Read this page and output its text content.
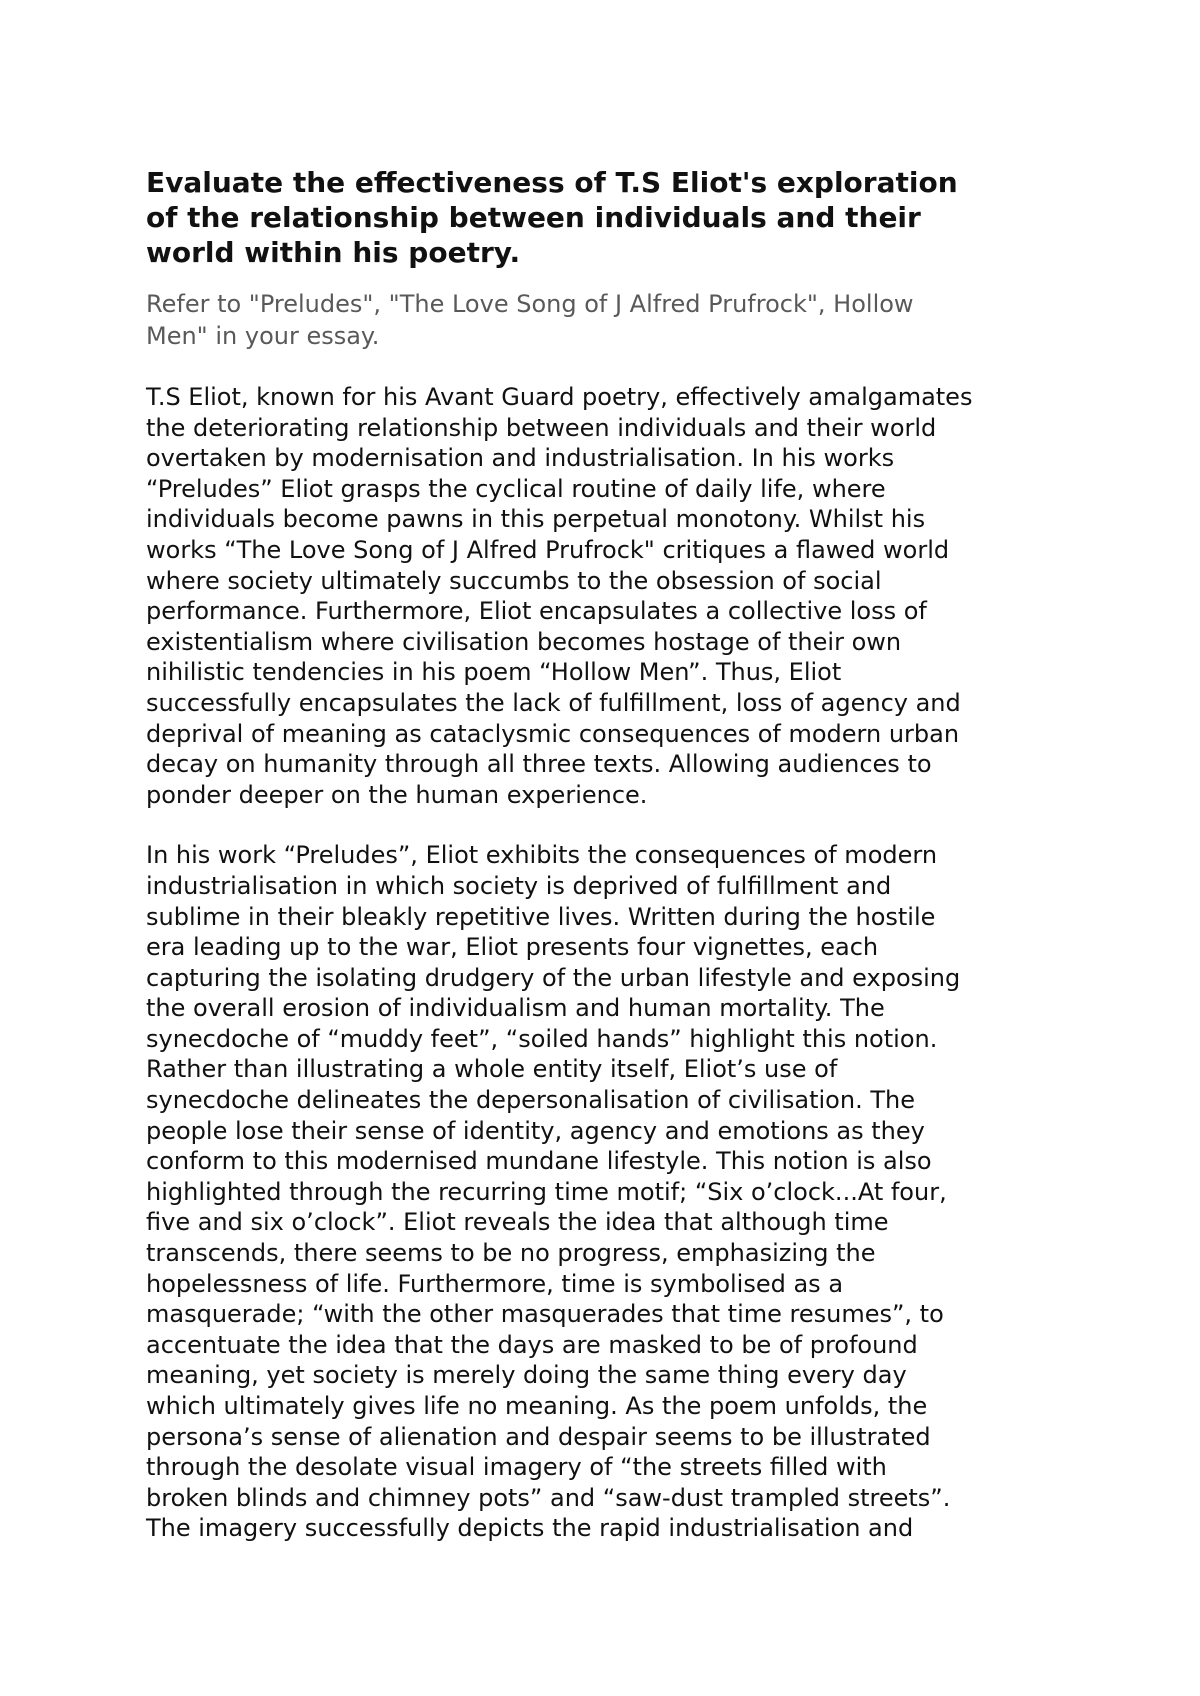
Evaluate the effectiveness of T.S Eliot's exploration
of the relationship between individuals and their
world within his poetry.

Refer to "Preludes", "The Love Song of J Alfred Prufrock", Hollow
Men" in your essay.

T.S Eliot, known for his Avant Guard poetry, effectively amalgamates
the deteriorating relationship between individuals and their world
overtaken by modernisation and industrialisation. In his works
“Preludes” Eliot grasps the cyclical routine of daily life, where
individuals become pawns in this perpetual monotony. Whilst his
works “The Love Song of J Alfred Prufrock" critiques a flawed world
where society ultimately succumbs to the obsession of social
performance. Furthermore, Eliot encapsulates a collective loss of
existentialism where civilisation becomes hostage of their own
nihilistic tendencies in his poem “Hollow Men”. Thus, Eliot
successfully encapsulates the lack of fulfillment, loss of agency and
deprival of meaning as cataclysmic consequences of modern urban
decay on humanity through all three texts. Allowing audiences to
ponder deeper on the human experience.

In his work “Preludes”, Eliot exhibits the consequences of modern
industrialisation in which society is deprived of fulfillment and
sublime in their bleakly repetitive lives. Written during the hostile
era leading up to the war, Eliot presents four vignettes, each
capturing the isolating drudgery of the urban lifestyle and exposing
the overall erosion of individualism and human mortality. The
synecdoche of “muddy feet”, “soiled hands” highlight this notion.
Rather than illustrating a whole entity itself, Eliot’s use of
synecdoche delineates the depersonalisation of civilisation. The
people lose their sense of identity, agency and emotions as they
conform to this modernised mundane lifestyle. This notion is also
highlighted through the recurring time motif; “Six o’clock...At four,
five and six o’clock”. Eliot reveals the idea that although time
transcends, there seems to be no progress, emphasizing the
hopelessness of life. Furthermore, time is symbolised as a
masquerade; “with the other masquerades that time resumes”, to
accentuate the idea that the days are masked to be of profound
meaning, yet society is merely doing the same thing every day
which ultimately gives life no meaning. As the poem unfolds, the
persona’s sense of alienation and despair seems to be illustrated
through the desolate visual imagery of “the streets filled with
broken blinds and chimney pots” and “saw-dust trampled streets”.
The imagery successfully depicts the rapid industrialisation and
